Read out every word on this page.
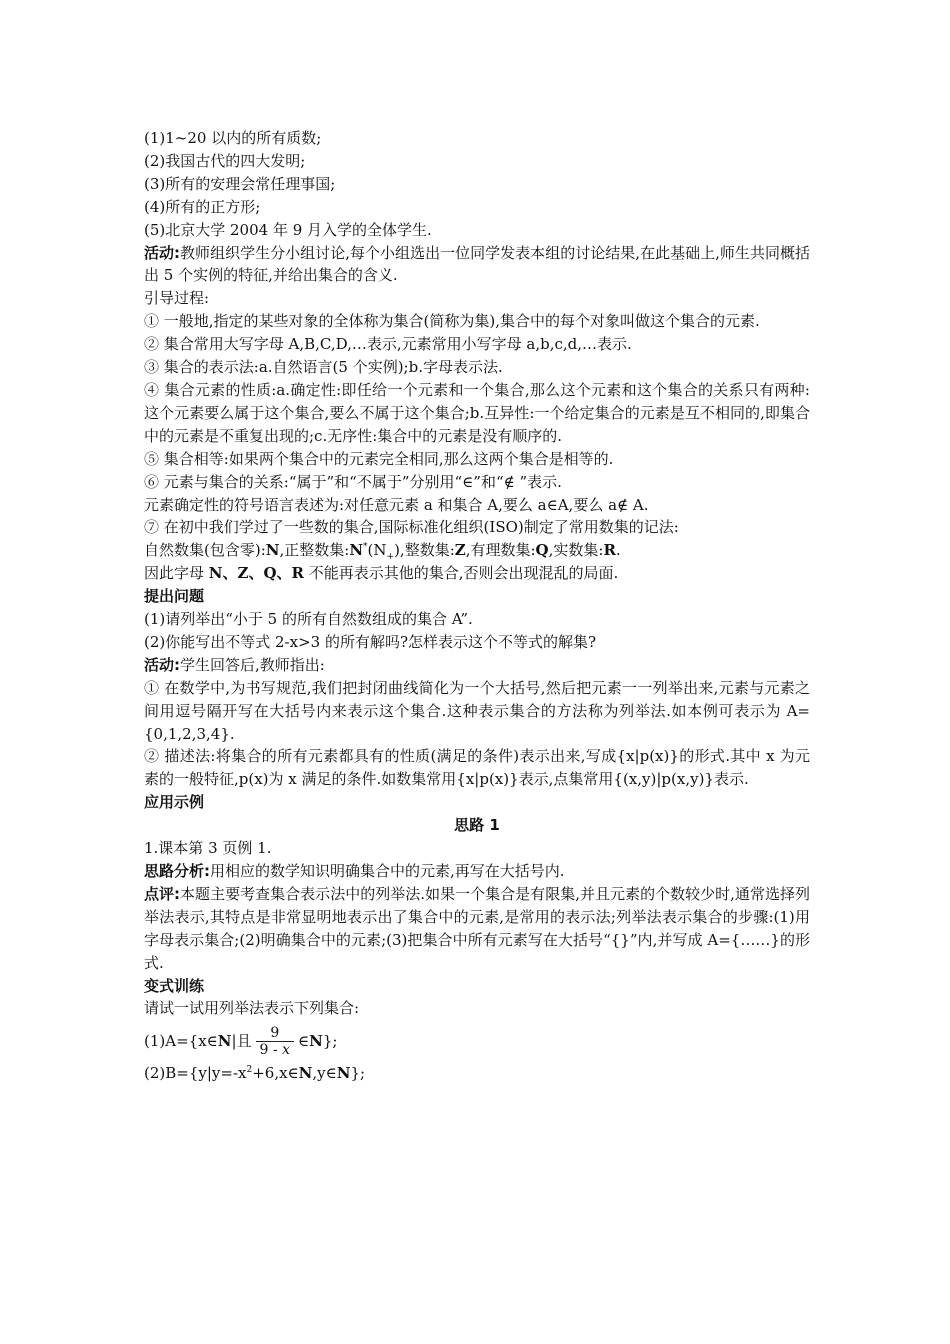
(1)1~20 以内的所有质数;
(2)我国古代的四大发明;
(3)所有的安理会常任理事国;
(4)所有的正方形;
(5)北京大学 2004 年 9 月入学的全体学生.
活动:教师组织学生分小组讨论,每个小组选出一位同学发表本组的讨论结果,在此基础上,师生共同概括出 5 个实例的特征,并给出集合的含义.
引导过程:
① 一般地,指定的某些对象的全体称为集合(简称为集),集合中的每个对象叫做这个集合的元素.
② 集合常用大写字母 A,B,C,D,…表示,元素常用小写字母 a,b,c,d,…表示.
③ 集合的表示法:a.自然语言(5 个实例);b.字母表示法.
④ 集合元素的性质:a.确定性:即任给一个元素和一个集合,那么这个元素和这个集合的关系只有两种:这个元素要么属于这个集合,要么不属于这个集合;b.互异性:一个给定集合的元素是互不相同的,即集合中的元素是不重复出现的;c.无序性:集合中的元素是没有顺序的.
⑤ 集合相等:如果两个集合中的元素完全相同,那么这两个集合是相等的.
⑥ 元素与集合的关系:“属于”和“不属于”分别用“∈”和“∉ ”表示.
元素确定性的符号语言表述为:对任意元素 a 和集合 A,要么 a∈A,要么 a∉ A.
⑦ 在初中我们学过了一些数的集合,国际标准化组织(ISO)制定了常用数集的记法:
自然数集(包含零):N,正整数集$:N^*(N_+)$,整数集:Z,有理数集:Q,实数集:R.
因此字母 N、Z、Q、R 不能再表示其他的集合,否则会出现混乱的局面.
提出问题
(1)请列举出“小于 5 的所有自然数组成的集合 A”.
(2)你能写出不等式 2-x>3 的所有解吗?怎样表示这个不等式的解集?
活动:学生回答后,教师指出:
① 在数学中,为书写规范,我们把封闭曲线简化为一个大括号,然后把元素一一列举出来,元素与元素之间用逗号隔开写在大括号内来表示这个集合.这种表示集合的方法称为列举法.如本例可表示为 A={0,1,2,3,4}.
② 描述法:将集合的所有元素都具有的性质(满足的条件)表示出来,写成{x|p(x)}的形式.其中 x 为元素的一般特征,p(x)为 x 满足的条件.如数集常用{x|p(x)}表示,点集常用{(x,y)|p(x,y)}表示.
应用示例
思路 1
1.课本第 3 页例 1.
思路分析:用相应的数学知识明确集合中的元素,再写在大括号内.
点评:本题主要考查集合表示法中的列举法.如果一个集合是有限集,并且元素的个数较少时,通常选择列举法表示,其特点是非常显明地表示出了集合中的元素,是常用的表示法;列举法表示集合的步骤:(1)用字母表示集合;(2)明确集合中的元素;(3)把集合中所有元素写在大括号“{}”内,并写成 A={……}的形式.
变式训练
请试一试用列举法表示下列集合:
(1)A={x∈ N |且 $\frac{9}{9 - x}$ ∈ N };
$(2)B=\{y|y=-x^2+6,x\in N,y\in N\}$;
